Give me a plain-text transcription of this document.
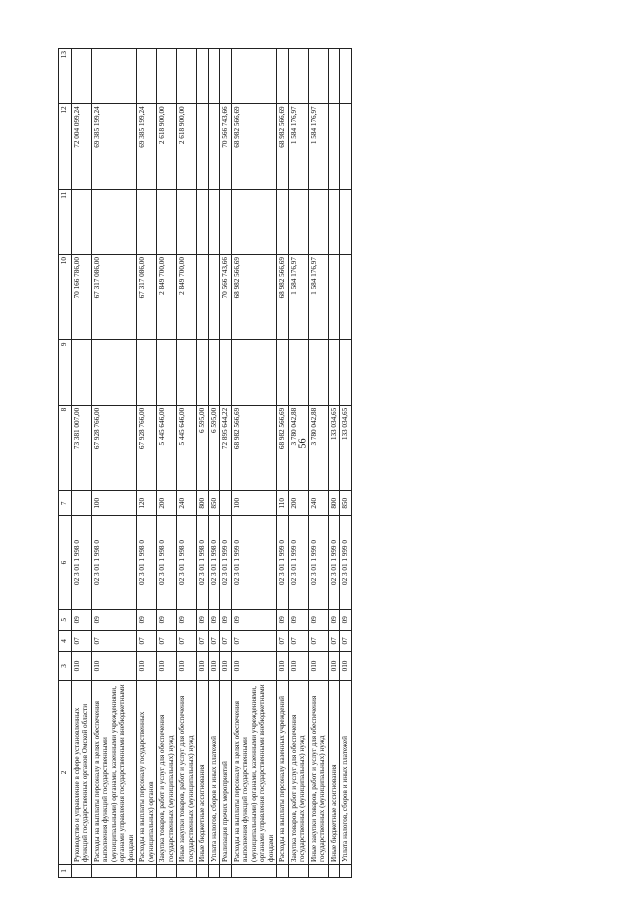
56
1	2	3	4	5	6	7	8	9	10	11	12	13
	Руководство и управление в сфере установленных функций государственных органов Омской области	010	07	09	02 3 01 1 998 0		73 381 007,00		70 166 786,00		72 004 099,24	
	Расходы на выплаты персоналу в целях обеспечения выполнения функций государственными (муниципальными) органами, казенными учреждениями, органами управления государственными внебюджетными фондами	010	07	09	02 3 01 1 998 0	100	67 928 766,00		67 317 086,00		69 385 199,24	
	Расходы на выплаты персоналу государственных (муниципальных) органов	010	07	09	02 3 01 1 998 0	120	67 928 766,00		67 317 086,00		69 385 199,24	
	Закупка товаров, работ и услуг для обеспечения государственных (муниципальных) нужд	010	07	09	02 3 01 1 998 0	200	5 445 646,00		2 849 700,00		2 618 900,00	
	Иные закупки товаров, работ и услуг для обеспечения государственных (муниципальных) нужд	010	07	09	02 3 01 1 998 0	240	5 445 646,00		2 849 700,00		2 618 900,00	
	Иные бюджетные ассигнования	010	07	09	02 3 01 1 998 0	800	6 595,00					
	Уплата налогов, сборов и иных платежей	010	07	09	02 3 01 1 998 0	850	6 595,00					
	Реализация прочих мероприятий	010	07	09	02 3 01 1 999 0		72 895 644,22		70 566 743,66		70 566 743,66	
	Расходы на выплаты персоналу в целях обеспечения выполнения функций государственными (муниципальными) органами, казенными учреждениями, органами управления государственными внебюджетными фондами	010	07	09	02 3 01 1 999 0	100	68 982 566,69		68 982 566,69		68 982 566,69	
	Расходы на выплаты персоналу казенных учреждений	010	07	09	02 3 01 1 999 0	110	68 982 566,69		68 982 566,69		68 982 566,69	
	Закупка товаров, работ и услуг для обеспечения государственных (муниципальных) нужд	010	07	09	02 3 01 1 999 0	200	3 780 042,88		1 584 176,97		1 584 176,97	
	Иные закупки товаров, работ и услуг для обеспечения государственных (муниципальных) нужд	010	07	09	02 3 01 1 999 0	240	3 780 042,88		1 584 176,97		1 584 176,97	
	Иные бюджетные ассигнования	010	07	09	02 3 01 1 999 0	800	133 034,65					
	Уплата налогов, сборов и иных платежей	010	07	09	02 3 01 1 999 0	850	133 034,65					
